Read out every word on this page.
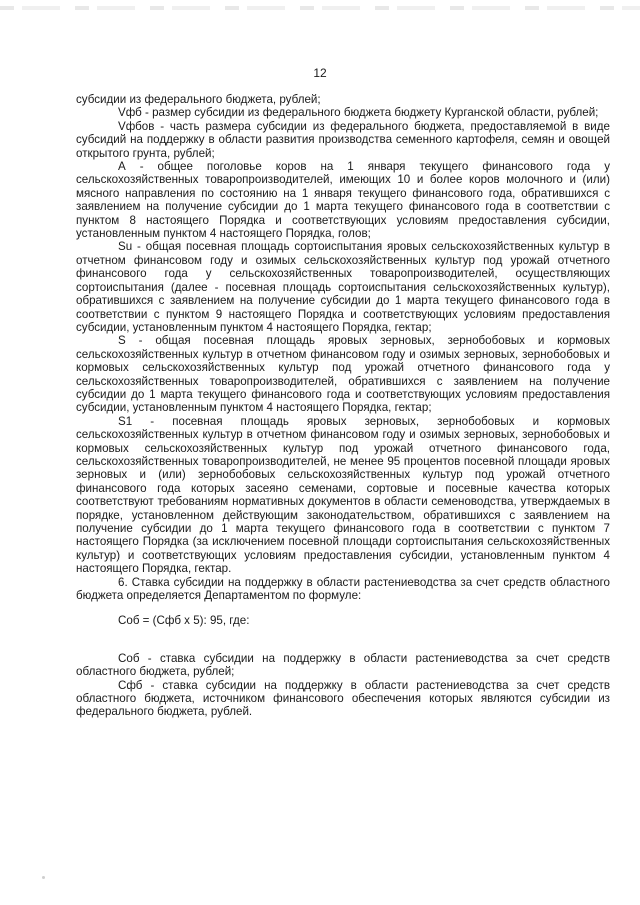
12

субсидии из федерального бюджета, рублей;

Vфб - размер субсидии из федерального бюджета бюджету Курганской области, рублей;

Vфбов - часть размера субсидии из федерального бюджета, предоставляемой в виде субсидий на поддержку в области развития производства семенного картофеля, семян и овощей открытого грунта, рублей;

А - общее поголовье коров на 1 января текущего финансового года у сельскохозяйственных товаропроизводителей, имеющих 10 и более коров молочного и (или) мясного направления по состоянию на 1 января текущего финансового года, обратившихся с заявлением на получение субсидии до 1 марта текущего финансового года в соответствии с пунктом 8 настоящего Порядка и соответствующих условиям предоставления субсидии, установленным пунктом 4 настоящего Порядка, голов;

Su - общая посевная площадь сортоиспытания яровых сельскохозяйственных культур в отчетном финансовом году и озимых сельскохозяйственных культур под урожай отчетного финансового года у сельскохозяйственных товаропроизводителей, осуществляющих сортоиспытания (далее - посевная площадь сортоиспытания сельскохозяйственных культур), обратившихся с заявлением на получение субсидии до 1 марта текущего финансового года в соответствии с пунктом 9 настоящего Порядка и соответствующих условиям предоставления субсидии, установленным пунктом 4 настоящего Порядка, гектар;

S - общая посевная площадь яровых зерновых, зернобобовых и кормовых сельскохозяйственных культур в отчетном финансовом году и озимых зерновых, зернобобовых и кормовых сельскохозяйственных культур под урожай отчетного финансового года у сельскохозяйственных товаропроизводителей, обратившихся с заявлением на получение субсидии до 1 марта текущего финансового года и соответствующих условиям предоставления субсидии, установленным пунктом 4 настоящего Порядка, гектар;

S1 - посевная площадь яровых зерновых, зернобобовых и кормовых сельскохозяйственных культур в отчетном финансовом году и озимых зерновых, зернобобовых и кормовых сельскохозяйственных культур под урожай отчетного финансового года, сельскохозяйственных товаропроизводителей, не менее 95 процентов посевной площади яровых зерновых и (или) зернобобовых сельскохозяйственных культур под урожай отчетного финансового года которых засеяно семенами, сортовые и посевные качества которых соответствуют требованиям нормативных документов в области семеноводства, утверждаемых в порядке, установленном действующим законодательством, обратившихся с заявлением на получение субсидии до 1 марта текущего финансового года в соответствии с пунктом 7 настоящего Порядка (за исключением посевной площади сортоиспытания сельскохозяйственных культур) и соответствующих условиям предоставления субсидии, установленным пунктом 4 настоящего Порядка, гектар.

6. Ставка субсидии на поддержку в области растениеводства за счет средств областного бюджета определяется Департаментом по формуле:

Соб = (Сфб х 5): 95, где:

Соб - ставка субсидии на поддержку в области растениеводства за счет средств областного бюджета, рублей;

Сфб - ставка субсидии на поддержку в области растениеводства за счет средств областного бюджета, источником финансового обеспечения которых являются субсидии из федерального бюджета, рублей.
